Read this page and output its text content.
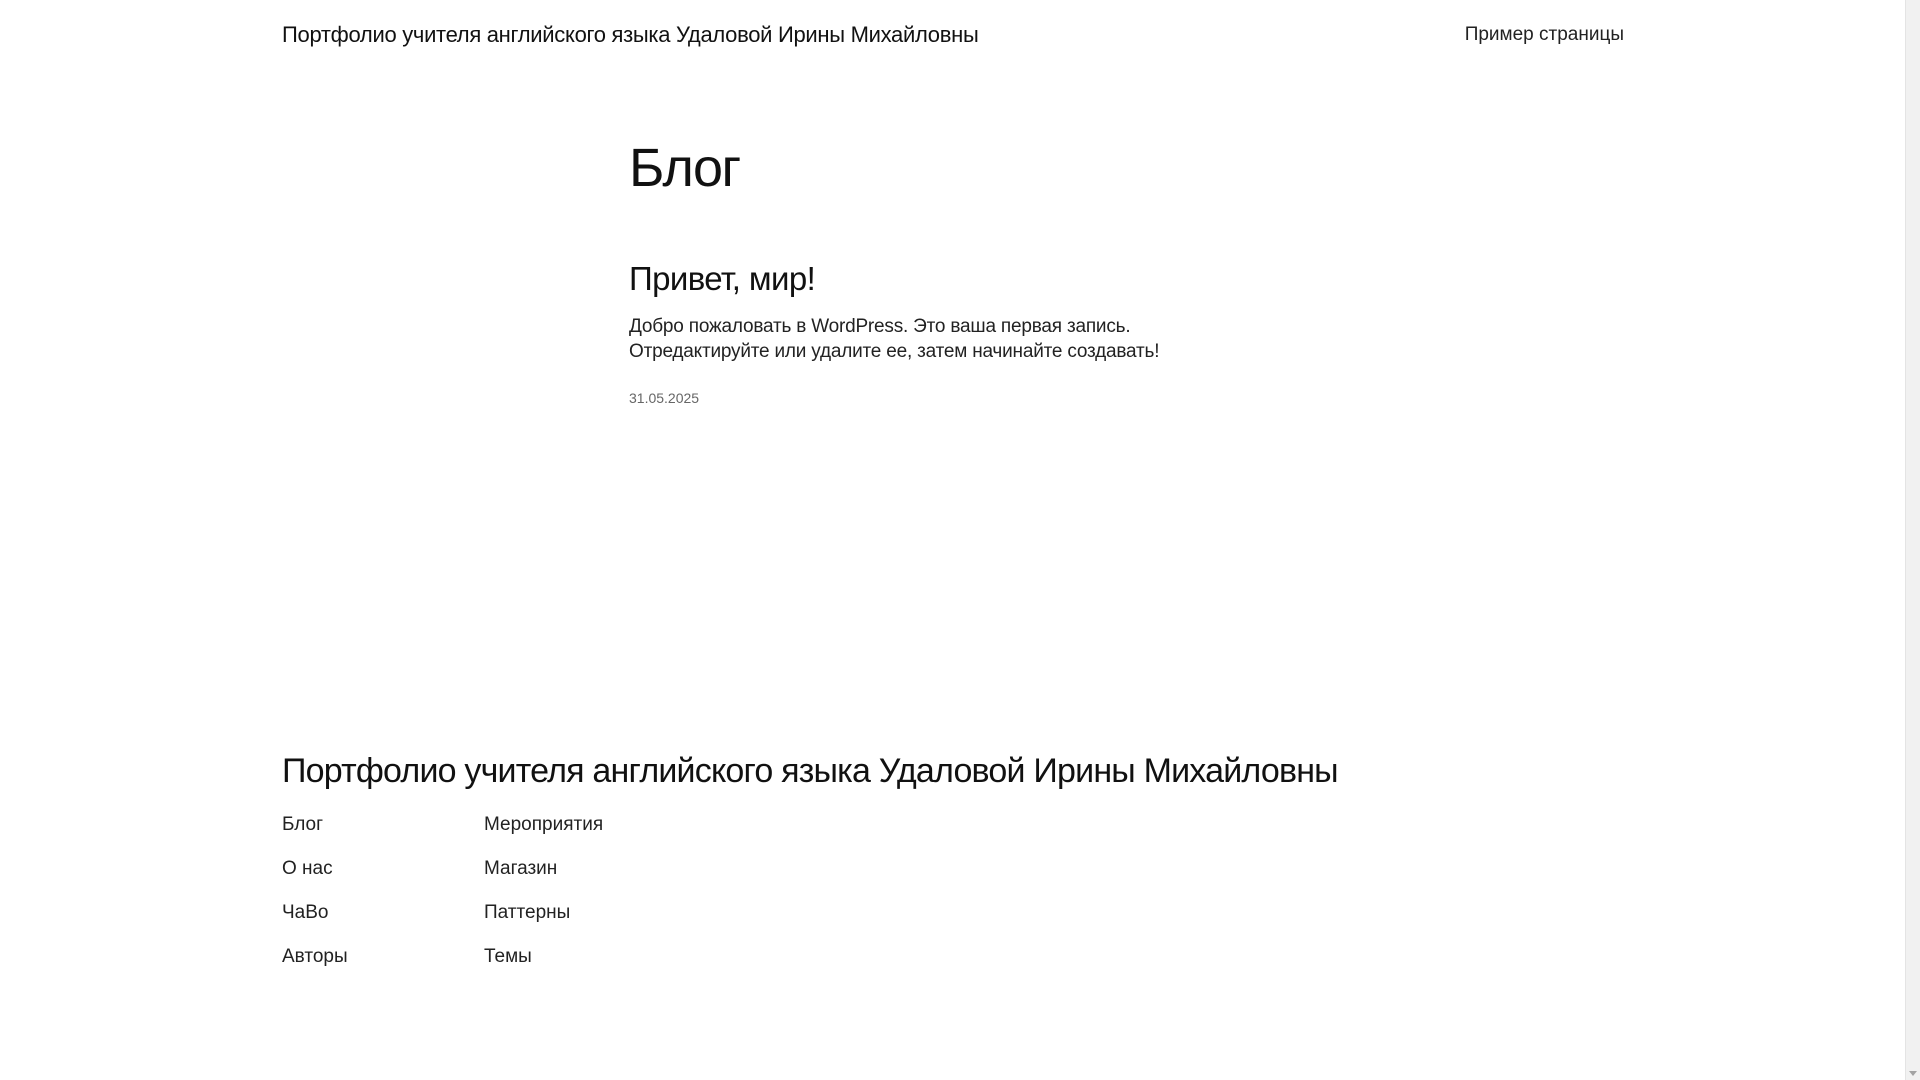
Портфолио учителя английского языка Удаловой Ирины Михайловны	Пример страницы
Блог
Привет, мир!

Добро пожаловать в WordPress. Это ваша первая запись. Отредактируйте или удалите ее, затем начинайте создавать!

31.05.2025
Портфолио учителя английского языка Удаловой Ирины Михайловны
Блог	Мероприятия
О нас	Магазин
ЧаВо	Паттерны
Авторы	Темы
